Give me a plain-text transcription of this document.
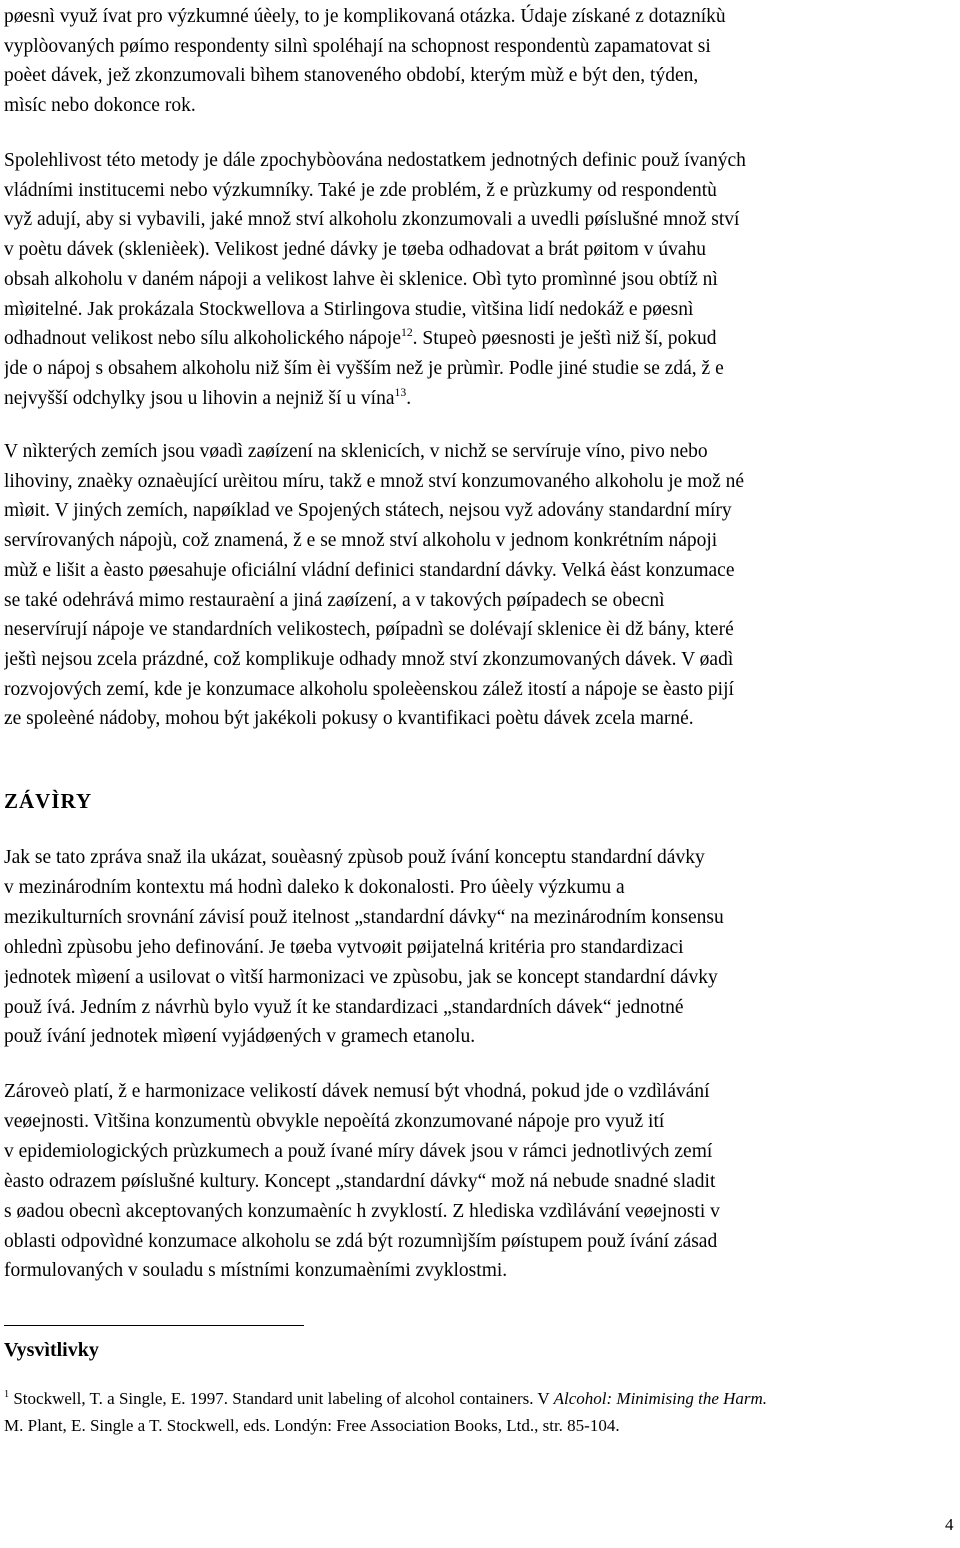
pøesnì využ ívat pro výzkumné úèely, to je komplikovaná otázka. Údaje získané z dotazníkù
vyplòovaných pøímo respondenty silnì spoléhají na schopnost respondentù zapamatovat si
poèet dávek, jež zkonzumovali bìhem stanoveného období, kterým mùž e být den, týden,
mìsíc nebo dokonce rok.
Spolehlivost této metody je dále zpochybòována nedostatkem jednotných definic použ ívaných
vládními institucemi nebo výzkumníky. Také je zde problém, ž e prùzkumy od respondentù
vyž adují, aby si vybavili, jaké množ ství alkoholu zkonzumovali a uvedli pøíslušné množ ství
v poètu dávek (sklenièek). Velikost jedné dávky je tøeba odhadovat a brát pøitom v úvahu
obsah alkoholu v daném nápoji a velikost lahve èi sklenice. Obì tyto promìnné jsou obtíž nì
mìøitelné. Jak prokázala Stockwellova a Stirlingova studie, vìtšina lidí nedokáž e pøesnì
odhadnout velikost nebo sílu alkoholického nápoje$^{12}$. Stupeò pøesnosti je ještì niž ší, pokud
jde o nápoj s obsahem alkoholu niž ším èi vyšším než je prùmìr. Podle jiné studie se zdá, ž e
nejvyšší odchylky jsou u lihovin a nejniž ší u vína$^{13}$.
V nìkterých zemích jsou vøadì zaøízení na sklenicích, v nichž se servíruje víno, pivo nebo
lihoviny, znaèky oznaèující urèitou míru, takž e množ ství konzumovaného alkoholu je mož né
mìøit. V jiných zemích, napøíklad ve Spojených státech, nejsou vyž adovány standardní míry
servírovaných nápojù, což znamená, ž e se množ ství alkoholu v jednom konkrétním nápoji
mùž e lišit a èasto pøesahuje oficiální vládní definici standardní dávky. Velká èást konzumace
se také odehrává mimo restauraèní a jiná zaøízení, a v takových pøípadech se obecnì
neservírují nápoje ve standardních velikostech, pøípadnì se dolévají sklenice èi dž bány, které
ještì nejsou zcela prázdné, což komplikuje odhady množ ství zkonzumovaných dávek. V øadì
rozvojových zemí, kde je konzumace alkoholu spoleèenskou zálež itostí a nápoje se èasto pijí
ze spoleèné nádoby, mohou být jakékoli pokusy o kvantifikaci poètu dávek zcela marné.
ZÁVÌRY
Jak se tato zpráva snaž ila ukázat, souèasný zpùsob použ ívání konceptu standardní dávky
v mezinárodním kontextu má hodnì daleko k dokonalosti. Pro úèely výzkumu a
mezikulturních srovnání závisí použ itelnost „standardní dávky“ na mezinárodním konsensu
ohlednì zpùsobu jeho definování. Je tøeba vytvoøit pøijatelná kritéria pro standardizaci
jednotek mìøení a usilovat o vìtší harmonizaci ve zpùsobu, jak se koncept standardní dávky
použ ívá. Jedním z návrhù bylo využ ít ke standardizaci „standardních dávek“ jednotné
použ ívání jednotek mìøení vyjádøených v gramech etanolu.
Zároveò platí, ž e harmonizace velikostí dávek nemusí být vhodná, pokud jde o vzdìlávání
veøejnosti. Vìtšina konzumentù obvykle nepoèítá zkonzumované nápoje pro využ ití
v epidemiologických prùzkumech a použ ívané míry dávek jsou v rámci jednotlivých zemí
èasto odrazem pøíslušné kultury. Koncept „standardní dávky“ mož ná nebude snadné sladit
s øadou obecnì akceptovaných konzumaèníc h zvyklostí. Z hlediska vzdìlávání veøejnosti v
oblasti odpovìdné konzumace alkoholu se zdá být rozumnìjším pøístupem použ ívání zásad
formulovaných v souladu s místními konzumaèními zvyklostmi.
Vysvìtlivky
$^1$ Stockwell, T. a Single, E. 1997. Standard unit labeling of alcohol containers. V Alcohol: Minimising the Harm.
M. Plant, E. Single a T. Stockwell, eds. Londýn: Free Association Books, Ltd., str. 85-104.
4
